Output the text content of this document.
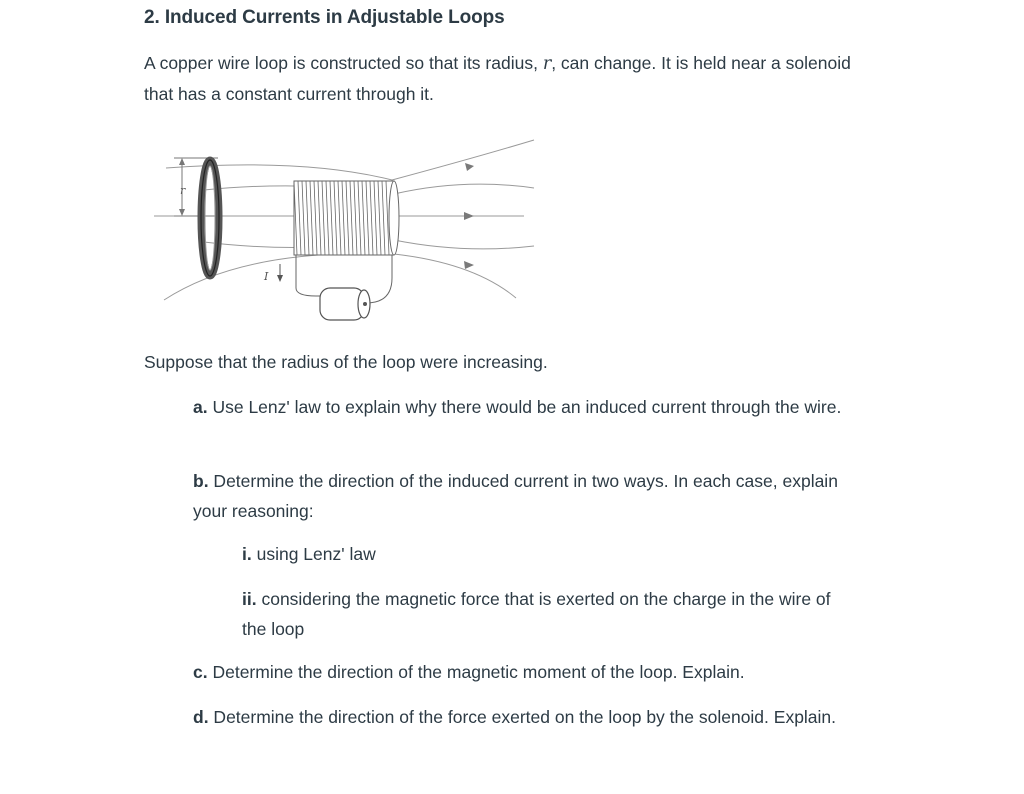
2. Induced Currents in Adjustable Loops

A copper wire loop is constructed so that its radius, r, can change. It is held near a solenoid that has a constant current through it.

r
I

Suppose that the radius of the loop were increasing.

a. Use Lenz' law to explain why there would be an induced current through the wire.

b. Determine the direction of the induced current in two ways. In each case, explain your reasoning:

i. using Lenz' law

ii. considering the magnetic force that is exerted on the charge in the wire of the loop

c. Determine the direction of the magnetic moment of the loop. Explain.

d. Determine the direction of the force exerted on the loop by the solenoid. Explain.
